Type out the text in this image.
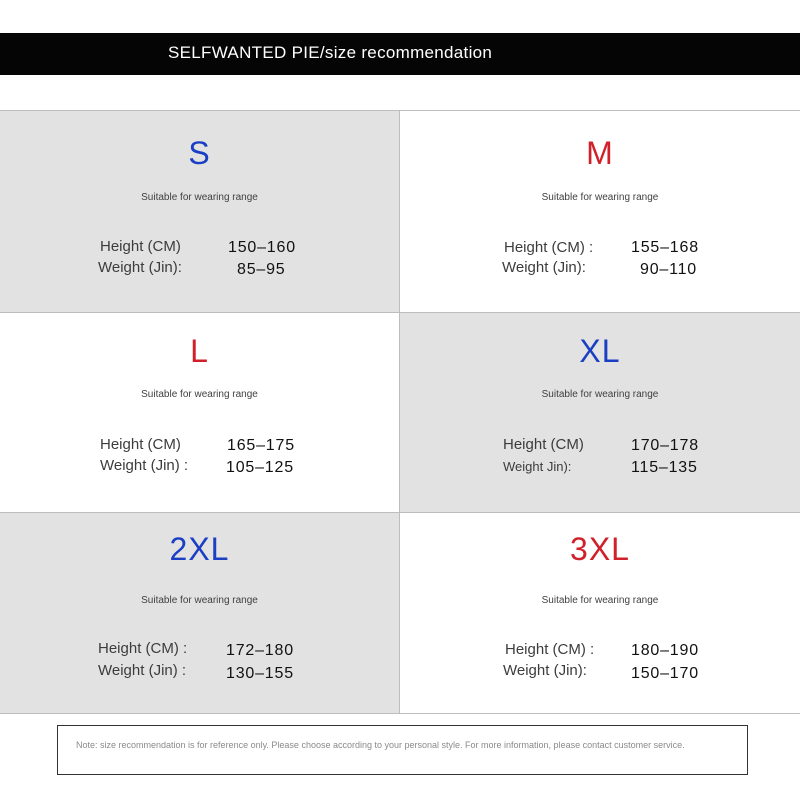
SELFWANTED PIE/size recommendation
S
Suitable for wearing range
Height (CM)	150–160
Weight (Jin):	85–95
M
Suitable for wearing range
Height (CM) : 155–168
Weight (Jin):	90–110
L
Suitable for wearing range
Height (CM)	165–175
Weight (Jin) : 105–125
XL
Suitable for wearing range
Height (CM)	170–178
Weight Jin):	115–135
2XL
Suitable for wearing range
Height (CM) : 172–180
Weight (Jin) : 130–155
3XL
Suitable for wearing range
Height (CM) : 180–190
Weight (Jin):	150–170
Note: size recommendation is for reference only. Please choose according to your personal style. For more information, please contact customer service.
